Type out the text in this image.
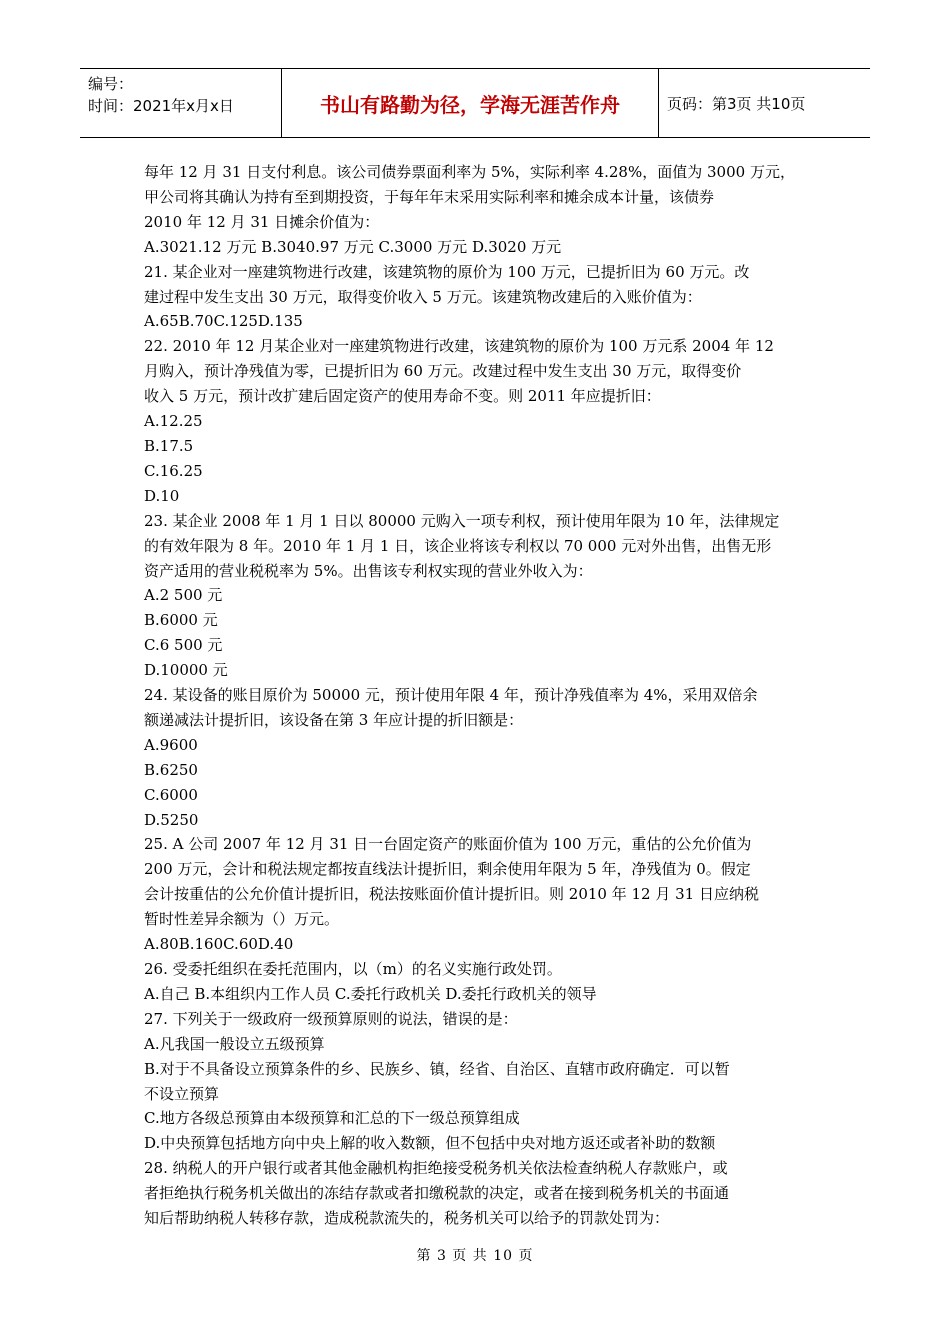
编号：
时间：2021年x月x日	书山有路勤为径，学海无涯苦作舟	页码：第3页 共10页
每年 12 月 31 日支付利息。该公司债券票面利率为 5%，实际利率 4.28%，面值为 3000 万元，
甲公司将其确认为持有至到期投资，于每年年末采用实际利率和摊余成本计量，该债券
2010 年 12 月 31 日摊余价值为：
A.3021.12 万元 B.3040.97 万元 C.3000 万元 D.3020 万元
21. 某企业对一座建筑物进行改建，该建筑物的原价为 100 万元，已提折旧为 60 万元。改
建过程中发生支出 30 万元，取得变价收入 5 万元。该建筑物改建后的入账价值为：
A.65B.70C.125D.135
22. 2010 年 12 月某企业对一座建筑物进行改建，该建筑物的原价为 100 万元系 2004 年 12
月购入，预计净残值为零，已提折旧为 60 万元。改建过程中发生支出 30 万元，取得变价
收入 5 万元，预计改扩建后固定资产的使用寿命不变。则 2011 年应提折旧：
A.12.25
B.17.5
C.16.25
D.10
23. 某企业 2008 年 1 月 1 日以 80000 元购入一项专利权，预计使用年限为 10 年，法律规定
的有效年限为 8 年。2010 年 1 月 1 日，该企业将该专利权以 70 000 元对外出售，出售无形
资产适用的营业税税率为 5%。出售该专利权实现的营业外收入为：
A.2 500 元
B.6000 元
C.6 500 元
D.10000 元
24. 某设备的账目原价为 50000 元，预计使用年限 4 年，预计净残值率为 4%，采用双倍余
额递减法计提折旧，该设备在第 3 年应计提的折旧额是：
A.9600
B.6250
C.6000
D.5250
25. A 公司 2007 年 12 月 31 日一台固定资产的账面价值为 100 万元，重估的公允价值为
200 万元，会计和税法规定都按直线法计提折旧，剩余使用年限为 5 年，净残值为 0。假定
会计按重估的公允价值计提折旧，税法按账面价值计提折旧。则 2010 年 12 月 31 日应纳税
暂时性差异余额为（）万元。
A.80B.160C.60D.40
26. 受委托组织在委托范围内，以（m）的名义实施行政处罚。
A.自己 B.本组织内工作人员 C.委托行政机关 D.委托行政机关的领导
27. 下列关于一级政府一级预算原则的说法，错误的是：
A.凡我国一般设立五级预算
B.对于不具备设立预算条件的乡、民族乡、镇，经省、自治区、直辖市政府确定．可以暂
不设立预算
C.地方各级总预算由本级预算和汇总的下一级总预算组成
D.中央预算包括地方向中央上解的收入数额，但不包括中央对地方返还或者补助的数额
28. 纳税人的开户银行或者其他金融机构拒绝接受税务机关依法检查纳税人存款账户，或
者拒绝执行税务机关做出的冻结存款或者扣缴税款的决定，或者在接到税务机关的书面通
知后帮助纳税人转移存款，造成税款流失的，税务机关可以给予的罚款处罚为：
第 3 页 共 10 页
